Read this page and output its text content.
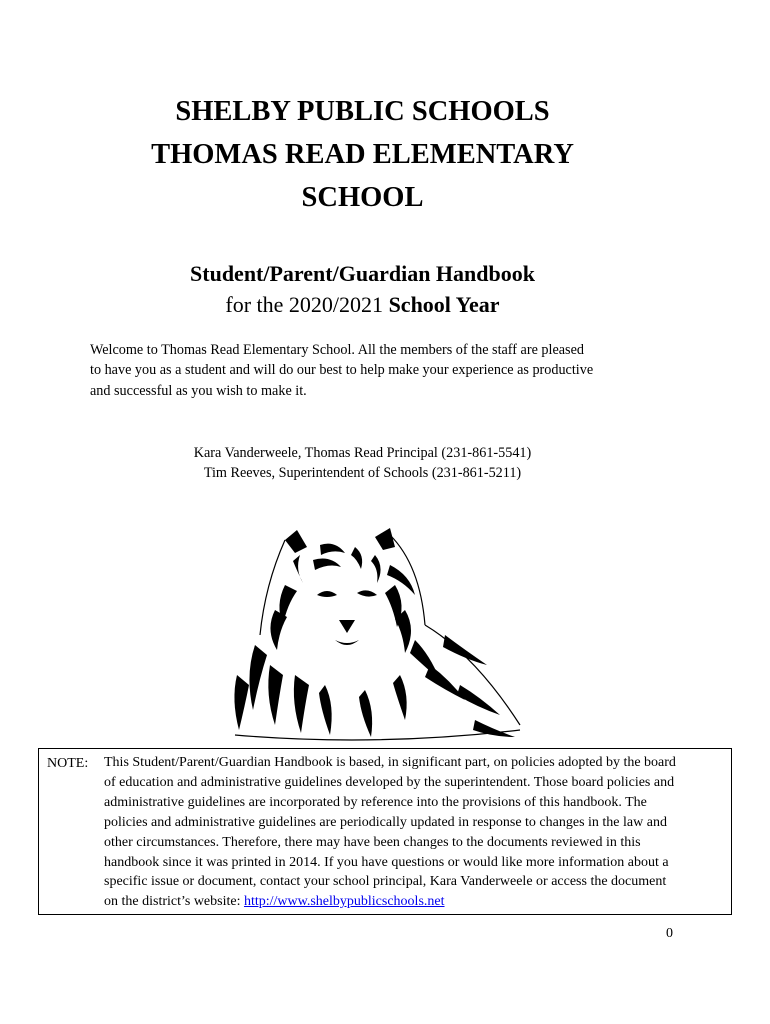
SHELBY PUBLIC SCHOOLS
THOMAS READ ELEMENTARY
SCHOOL
Student/Parent/Guardian Handbook
for the 2020/2021 School Year
Welcome to Thomas Read Elementary School. All the members of the staff are pleased
to have you as a student and will do our best to help make your experience as productive
and successful as you wish to make it.
Kara Vanderweele, Thomas Read Principal (231-861-5541)
Tim Reeves, Superintendent of Schools (231-861-5211)
NOTE: This Student/Parent/Guardian Handbook is based, in significant part, on policies adopted by the board
of education and administrative guidelines developed by the superintendent. Those board policies and
administrative guidelines are incorporated by reference into the provisions of this handbook. The
policies and administrative guidelines are periodically updated in response to changes in the law and
other circumstances. Therefore, there may have been changes to the documents reviewed in this
handbook since it was printed in 2014. If you have questions or would like more information about a
specific issue or document, contact your school principal, Kara Vanderweele or access the document
on the district’s website: http://www.shelbypublicschools.net
0
